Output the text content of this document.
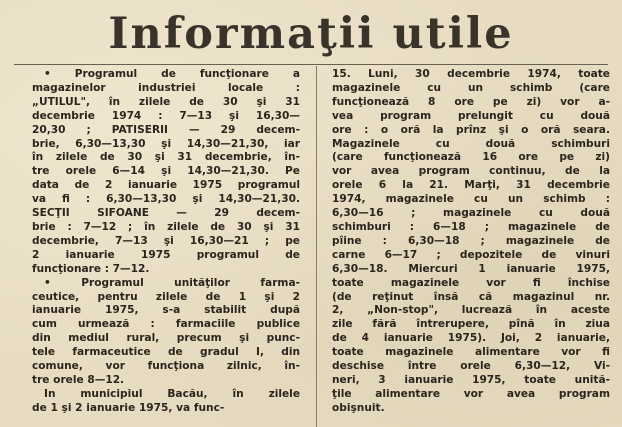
Informaţii utile
• Programul de funcţionare a
magazinelor industriei locale :
„UTILUL", în zilele de 30 şi 31
decembrie 1974 : 7—13 şi 16,30—
20,30 ; PATISERII — 29 decem-
brie, 6,30—13,30 şi 14,30—21,30, iar
în zilele de 30 şi 31 decembrie, în-
tre orele 6—14 şi 14,30—21,30. Pe
data de 2 ianuarie 1975 programul
va fi : 6,30—13,30 şi 14,30—21,30.
SECŢII SIFOANE — 29 decem-
brie : 7—12 ; în zilele de 30 şi 31
decembrie, 7—13 şi 16,30—21 ; pe
2 ianuarie 1975 programul de
funcţionare : 7—12.
• Programul unităţilor farma-
ceutice, pentru zilele de 1 şi 2
ianuarie 1975, s-a stabilit după
cum urmează : farmaciile publice
din mediul rural, precum şi punc-
tele farmaceutice de gradul I, din
comune, vor funcţiona zilnic, în-
tre orele 8—12.
In municipiul Bacău, în zilele
de 1 şi 2 ianuarie 1975, va func-
15. Luni, 30 decembrie 1974, toate
magazinele cu un schimb (care
funcţionează 8 ore pe zi) vor a-
vea program prelungit cu două
ore : o oră la prînz şi o oră seara.
Magazinele cu două schimburi
(care funcţionează 16 ore pe zi)
vor avea program continuu, de la
orele 6 la 21. Marţi, 31 decembrie
1974, magazinele cu un schimb :
6,30—16 ; magazinele cu două
schimburi : 6—18 ; magazinele de
pîine : 6,30—18 ; magazinele de
carne 6—17 ; depozitele de vinuri
6,30—18. Miercuri 1 ianuarie 1975,
toate magazinele vor fi închise
(de reţinut însă că magazinul nr.
2, „Non-stop", lucrează în aceste
zile fără întrerupere, pînă în ziua
de 4 ianuarie 1975). Joi, 2 ianuarie,
toate magazinele alimentare vor fi
deschise între orele 6,30—12, Vi-
neri, 3 ianuarie 1975, toate unită-
ţile alimentare vor avea program
obişnuit.
